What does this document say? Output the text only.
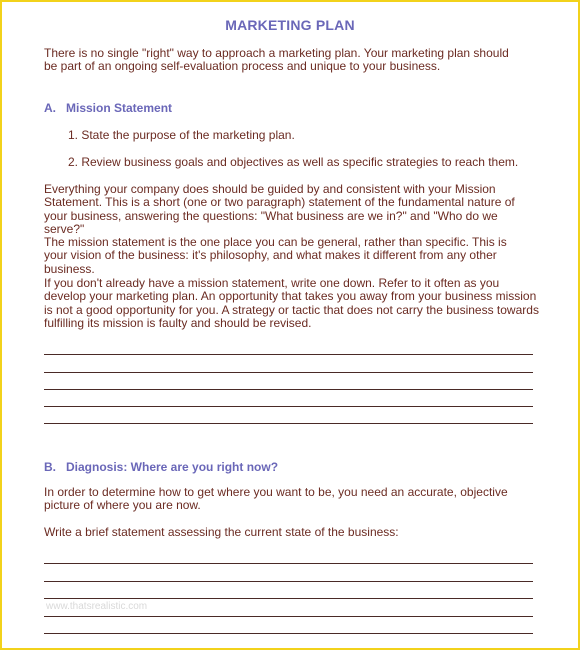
MARKETING PLAN
There is no single "right" way to approach a marketing plan. Your marketing plan should be part of an ongoing self-evaluation process and unique to your business.
A. Mission Statement
1. State the purpose of the marketing plan.
2. Review business goals and objectives as well as specific strategies to reach them.
Everything your company does should be guided by and consistent with your Mission Statement. This is a short (one or two paragraph) statement of the fundamental nature of your business, answering the questions: "What business are we in?" and "Who do we serve?"
The mission statement is the one place you can be general, rather than specific. This is your vision of the business: it's philosophy, and what makes it different from any other business.
If you don't already have a mission statement, write one down. Refer to it often as you develop your marketing plan. An opportunity that takes you away from your business mission is not a good opportunity for you. A strategy or tactic that does not carry the business towards fulfilling its mission is faulty and should be revised.
B. Diagnosis: Where are you right now?
In order to determine how to get where you want to be, you need an accurate, objective picture of where you are now.
Write a brief statement assessing the current state of the business:
www.thatsrealistic.com
